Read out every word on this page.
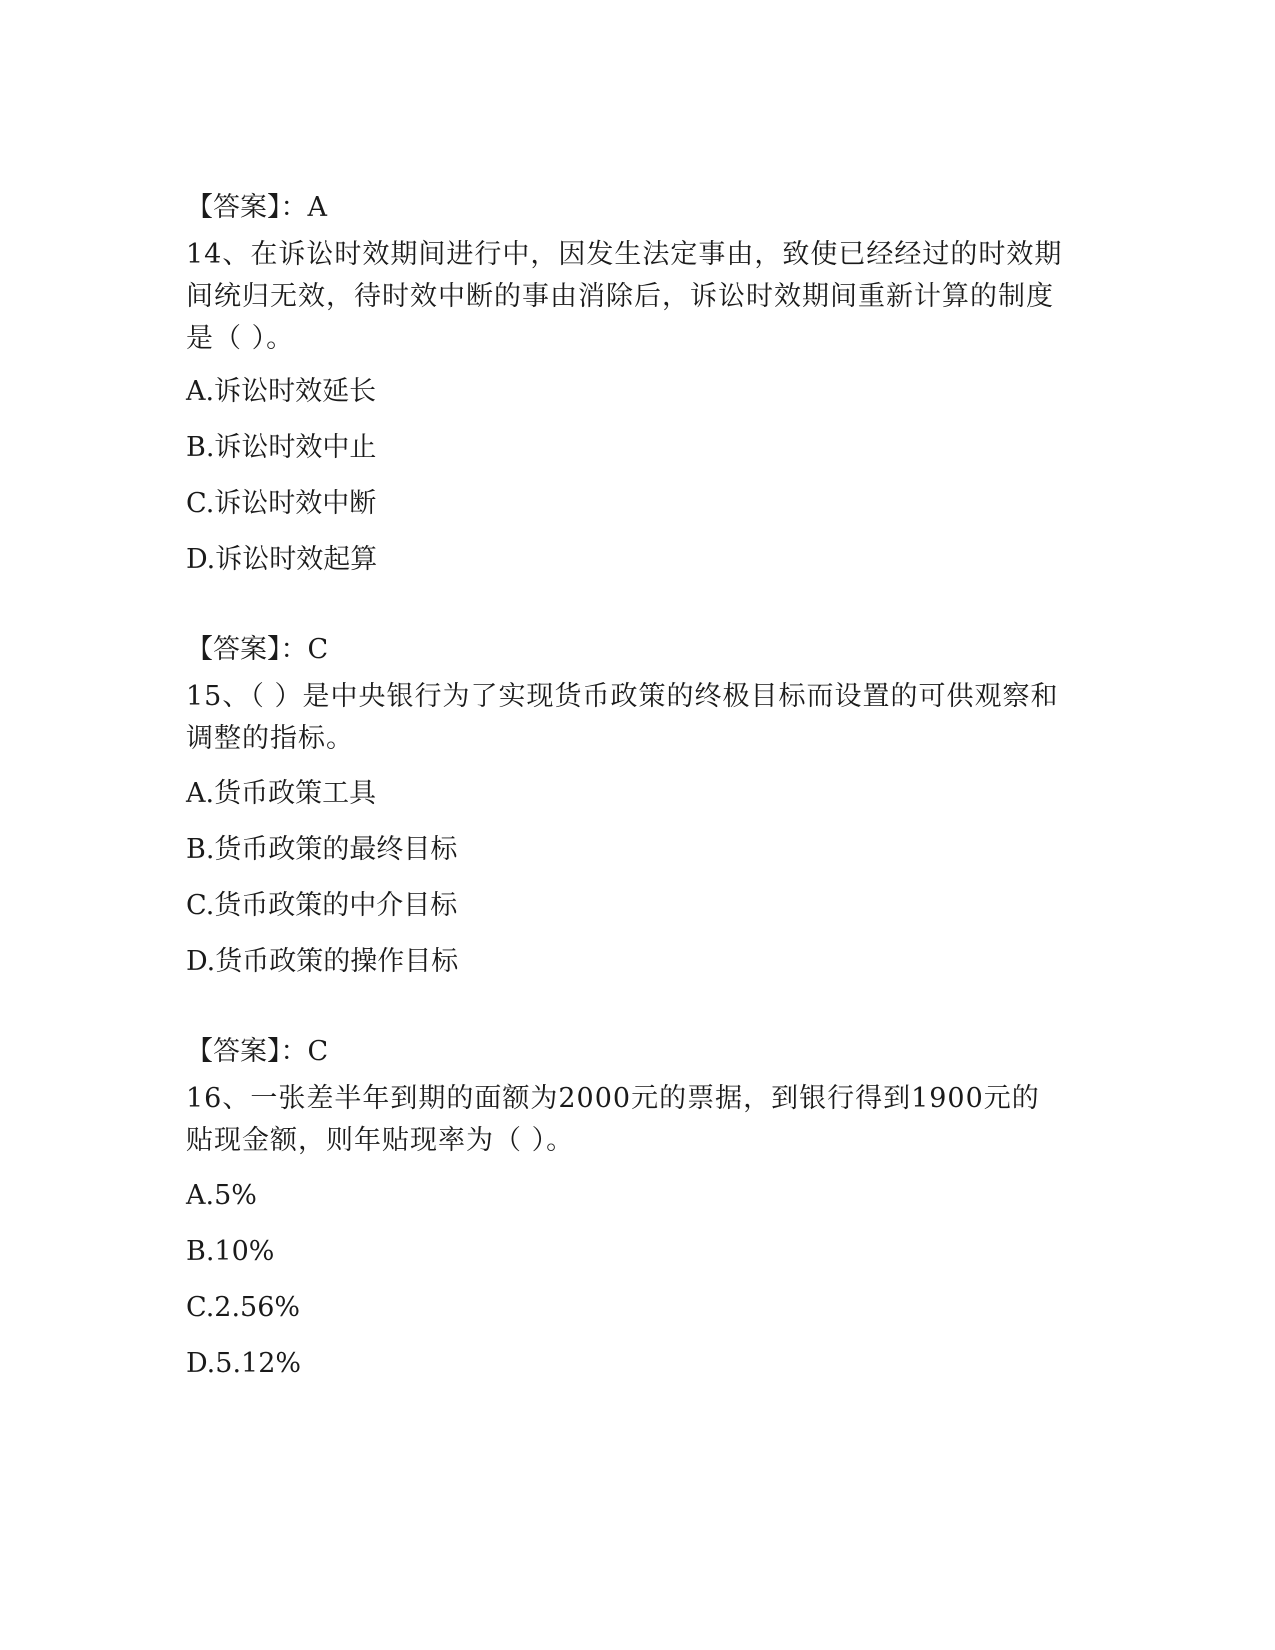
【答案】：A
14、在诉讼时效期间进行中，因发生法定事由，致使已经经过的时效期间统归无效，待时效中断的事由消除后，诉讼时效期间重新计算的制度是（ ）。
A.诉讼时效延长
B.诉讼时效中止
C.诉讼时效中断
D.诉讼时效起算
【答案】：C
15、（ ）是中央银行为了实现货币政策的终极目标而设置的可供观察和调整的指标。
A.货币政策工具
B.货币政策的最终目标
C.货币政策的中介目标
D.货币政策的操作目标
【答案】：C
16、一张差半年到期的面额为2000元的票据，到银行得到1900元的贴现金额，则年贴现率为（ ）。
A.5%
B.10%
C.2.56%
D.5.12%
